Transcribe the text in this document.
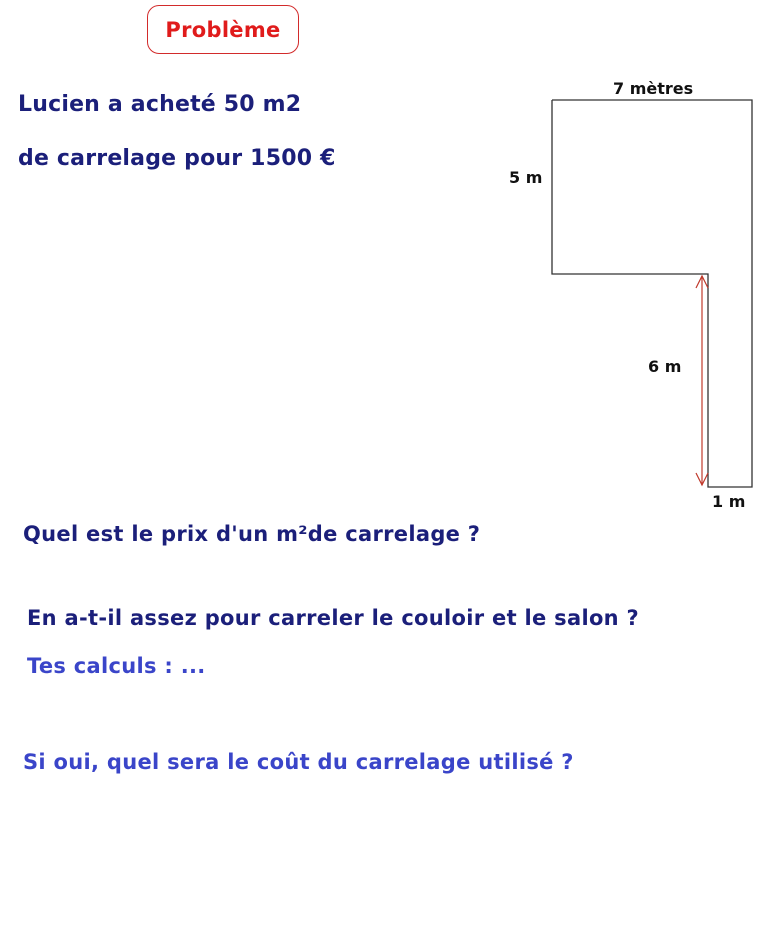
Problème
Lucien a acheté 50 m2
de carrelage pour 1500 €
7 mètres
5 m
6 m
1 m
Quel est le prix d'un m²de carrelage ?
En a-t-il assez pour carreler le couloir et le salon ?
Tes calculs : ...
Si oui, quel sera le coût du carrelage utilisé ?
